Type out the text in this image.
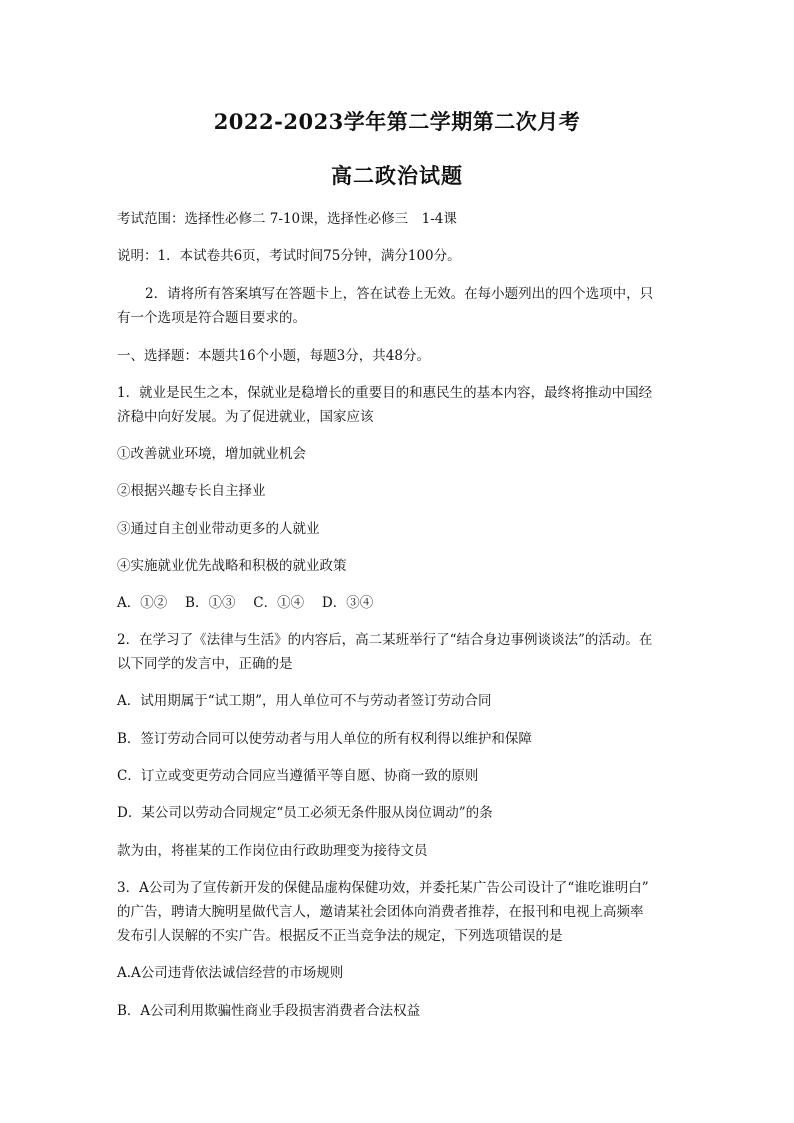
2022-2023学年第二学期第二次月考
高二政治试题
考试范围：选择性必修二 7-10课，选择性必修三　1-4课
说明：1．本试卷共6页，考试时间75分钟，满分100分。
2．请将所有答案填写在答题卡上，答在试卷上无效。在每小题列出的四个选项中，只
有一个选项是符合题目要求的。
一、选择题：本题共16个小题，每题3分，共48分。
1．就业是民生之本，保就业是稳增长的重要目的和惠民生的基本内容，最终将推动中国经
济稳中向好发展。为了促进就业，国家应该
①改善就业环境，增加就业机会
②根据兴趣专长自主择业
③通过自主创业带动更多的人就业
④实施就业优先战略和积极的就业政策
A．①②　 B．①③　 C．①④　 D．③④
2．在学习了《法律与生活》的内容后，高二某班举行了“结合身边事例谈谈法”的活动。在
以下同学的发言中，正确的是
A．试用期属于“试工期”，用人单位可不与劳动者签订劳动合同
B．签订劳动合同可以使劳动者与用人单位的所有权利得以维护和保障
C．订立或变更劳动合同应当遵循平等自愿、协商一致的原则
D．某公司以劳动合同规定“员工必须无条件服从岗位调动”的条
款为由，将崔某的工作岗位由行政助理变为接待文员
3．A公司为了宣传新开发的保健品虚构保健功效，并委托某广告公司设计了“谁吃谁明白”
的广告，聘请大腕明星做代言人，邀请某社会团体向消费者推荐，在报刊和电视上高频率
发布引人误解的不实广告。根据反不正当竞争法的规定，下列选项错误的是
A.A公司违背依法诚信经营的市场规则
B．A公司利用欺骗性商业手段损害消费者合法权益
